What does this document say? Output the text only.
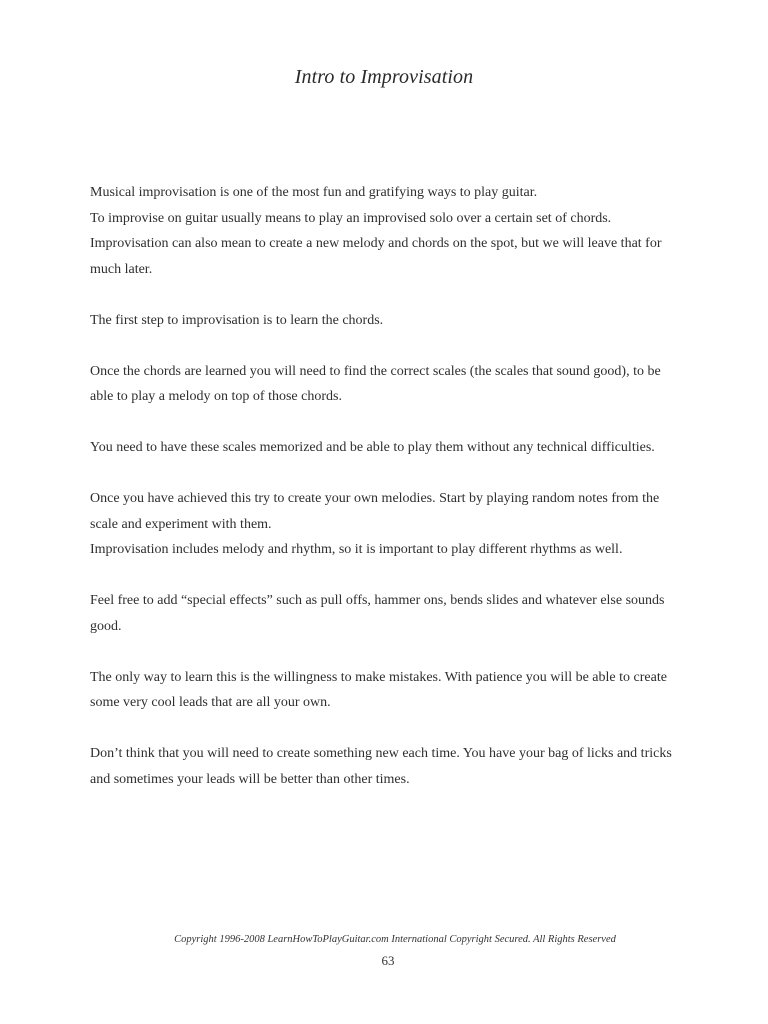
Intro to Improvisation

Musical improvisation is one of the most fun and gratifying ways to play guitar.
To improvise on guitar usually means to play an improvised solo over a certain set of chords.
Improvisation can also mean to create a new melody and chords on the spot, but we will leave that for
much later.

The first step to improvisation is to learn the chords.

Once the chords are learned you will need to find the correct scales (the scales that sound good), to be
able to play a melody on top of those chords.

You need to have these scales memorized and be able to play them without any technical difficulties.

Once you have achieved this try to create your own melodies. Start by playing random notes from the
scale and experiment with them.
Improvisation includes melody and rhythm, so it is important to play different rhythms as well.

Feel free to add “special effects” such as pull offs, hammer ons, bends slides and whatever else sounds
good.

The only way to learn this is the willingness to make mistakes. With patience you will be able to create
some very cool leads that are all your own.

Don’t think that you will need to create something new each time. You have your bag of licks and tricks
and sometimes your leads will be better than other times.

Copyright 1996-2008 LearnHowToPlayGuitar.com International Copyright Secured. All Rights Reserved
63
